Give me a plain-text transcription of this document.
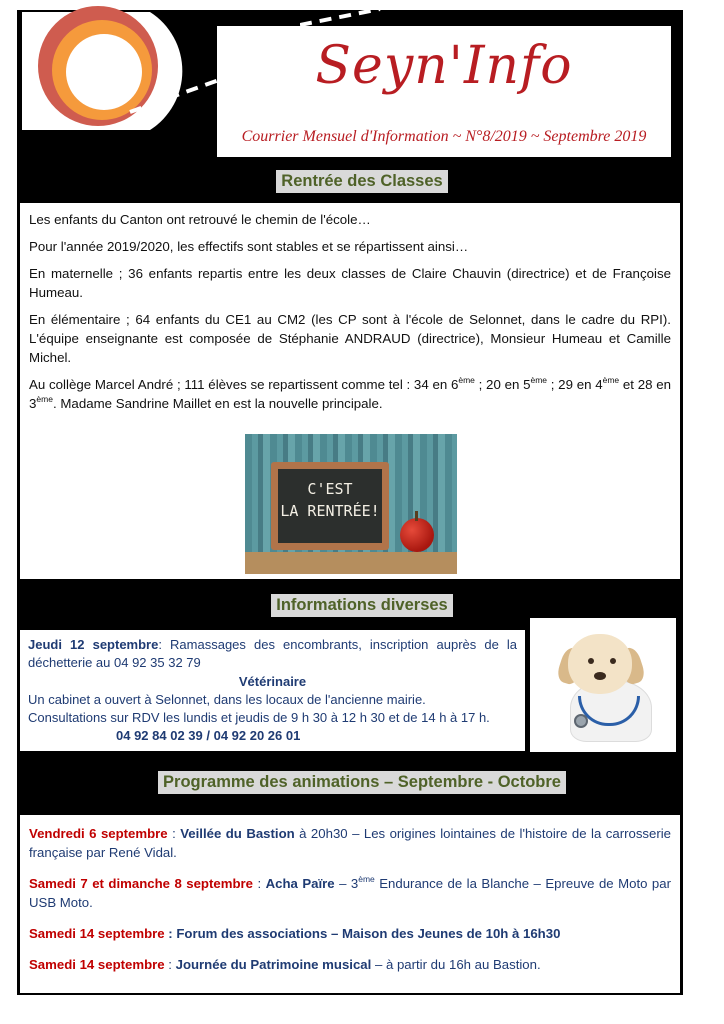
Seyn'Info
Courrier Mensuel d'Information ~ N°8/2019 ~ Septembre 2019
Rentrée des Classes

Les enfants du Canton ont retrouvé le chemin de l'école…

Pour l'année 2019/2020, les effectifs sont stables et se répartissent ainsi…

En maternelle ; 36 enfants repartis entre les deux classes de Claire Chauvin (directrice) et de Françoise Humeau.

En élémentaire ; 64 enfants du CE1 au CM2 (les CP sont à l'école de Selonnet, dans le cadre du RPI). L'équipe enseignante est composée de Stéphanie ANDRAUD (directrice), Monsieur Humeau et Camille Michel.

Au collège Marcel André ; 111 élèves se repartissent comme tel : 34 en 6ème ; 20 en 5ème ; 29 en 4ème et 28 en 3ème. Madame Sandrine Maillet en est la nouvelle principale.

C'EST
LA RENTRÉE!
Informations diverses

Jeudi 12 septembre: Ramassages des encombrants, inscription auprès de la déchetterie au 04 92 35 32 79

Vétérinaire

Un cabinet a ouvert à Selonnet, dans les locaux de l'ancienne mairie.

Consultations sur RDV les lundis et jeudis de 9 h 30 à 12 h 30 et de 14 h à 17 h.

04 92 84 02 39 / 04 92 20 26 01

Programme des animations – Septembre - Octobre

Vendredi 6 septembre : Veillée du Bastion à 20h30 – Les origines lointaines de l'histoire de la carrosserie française par René Vidal.

Samedi 7 et dimanche 8 septembre : Acha Païre – 3ème Endurance de la Blanche – Epreuve de Moto par USB Moto.

Samedi 14 septembre : Forum des associations – Maison des Jeunes de 10h à 16h30

Samedi 14 septembre : Journée du Patrimoine musical – à partir du 16h au Bastion.
